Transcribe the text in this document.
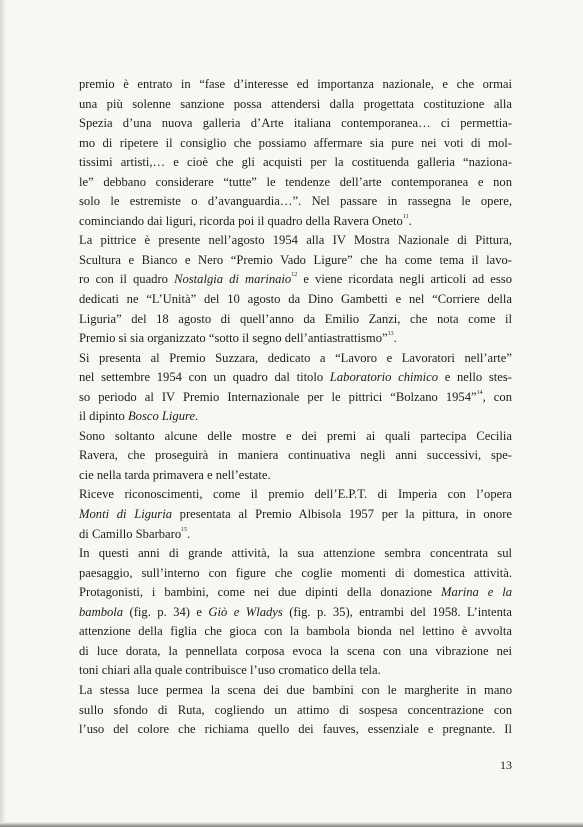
premio è entrato in “fase d’interesse ed importanza nazionale, e che ormai
una più solenne sanzione possa attendersi dalla progettata costituzione alla
Spezia d’una nuova galleria d’Arte italiana contemporanea… ci permettia-
mo di ripetere il consiglio che possiamo affermare sia pure nei voti di mol-
tissimi artisti,… e cioè che gli acquisti per la costituenda galleria “naziona-
le” debbano considerare “tutte” le tendenze dell’arte contemporanea e non
solo le estremiste o d’avanguardia…”. Nel passare in rassegna le opere,
cominciando dai liguri, ricorda poi il quadro della Ravera Oneto$^{11}$.

La pittrice è presente nell’agosto 1954 alla IV Mostra Nazionale di Pittura,
Scultura e Bianco e Nero “Premio Vado Ligure” che ha come tema il lavo-
ro con il quadro Nostalgia di marinaio$^{12}$ e viene ricordata negli articoli ad esso
dedicati ne “L’Unità” del 10 agosto da Dino Gambetti e nel “Corriere della
Liguria” del 18 agosto di quell’anno da Emilio Zanzi, che nota come il
Premio si sia organizzato “sotto il segno dell’antiastrattismo”$^{13}$.

Si presenta al Premio Suzzara, dedicato a “Lavoro e Lavoratori nell’arte”
nel settembre 1954 con un quadro dal titolo Laboratorio chimico e nello stes-
so periodo al IV Premio Internazionale per le pittrici “Bolzano 1954”$^{14}$, con
il dipinto Bosco Ligure.

Sono soltanto alcune delle mostre e dei premi ai quali partecipa Cecilia
Ravera, che proseguirà in maniera continuativa negli anni successivi, spe-
cie nella tarda primavera e nell’estate.

Riceve riconoscimenti, come il premio dell’E.P.T. di Imperia con l’opera
Monti di Liguria presentata al Premio Albisola 1957 per la pittura, in onore
di Camillo Sbarbaro$^{15}$.

In questi anni di grande attività, la sua attenzione sembra concentrata sul
paesaggio, sull’interno con figure che coglie momenti di domestica attività.
Protagonisti, i bambini, come nei due dipinti della donazione Marina e la
bambola (fig. p. 34) e Giò e Wladys (fig. p. 35), entrambi del 1958. L’intenta
attenzione della figlia che gioca con la bambola bionda nel lettino è avvolta
di luce dorata, la pennellata corposa evoca la scena con una vibrazione nei
toni chiari alla quale contribuisce l’uso cromatico della tela.

La stessa luce permea la scena dei due bambini con le margherite in mano
sullo sfondo di Ruta, cogliendo un attimo di sospesa concentrazione con
l’uso del colore che richiama quello dei fauves, essenziale e pregnante. Il

13
